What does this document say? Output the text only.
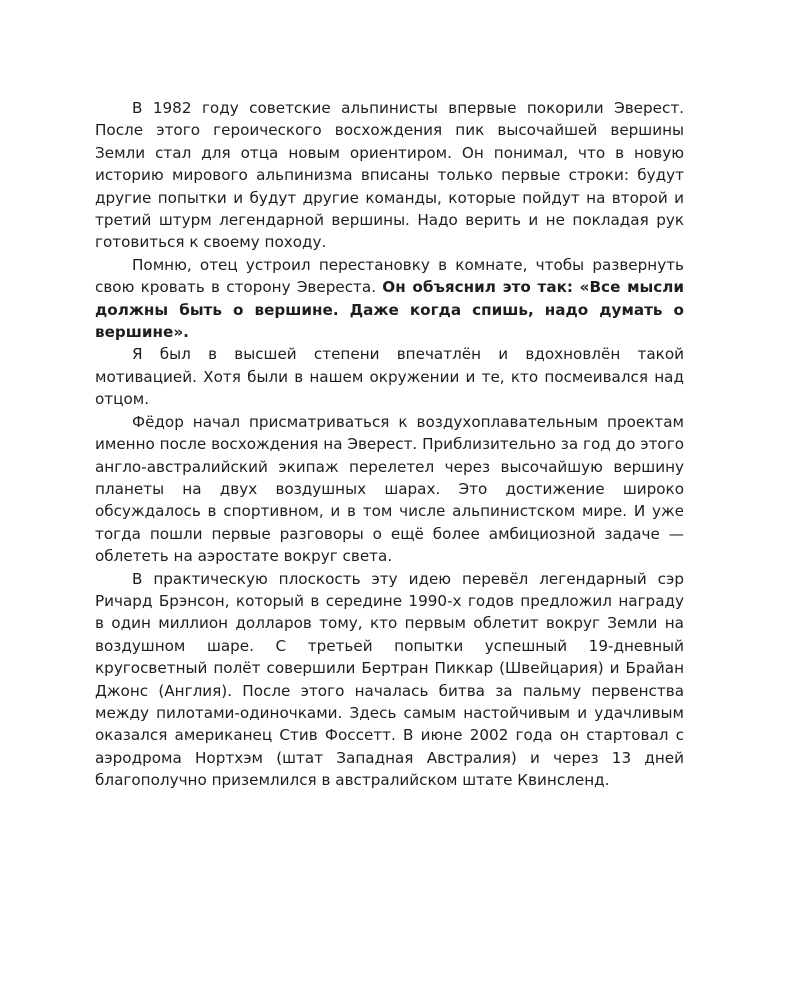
В 1982 году советские альпинисты впервые покорили Эверест. После этого героического восхождения пик высочайшей вершины Земли стал для отца новым ориентиром. Он понимал, что в новую историю мирового альпинизма вписаны только первые строки: будут другие попытки и будут другие команды, которые пойдут на второй и третий штурм легендарной вершины. Надо верить и не покладая рук готовиться к своему походу.

Помню, отец устроил перестановку в комнате, чтобы развернуть свою кровать в сторону Эвереста. Он объяснил это так: «Все мысли должны быть о вершине. Даже когда спишь, надо думать о вершине».

Я был в высшей степени впечатлён и вдохновлён такой мотивацией. Хотя были в нашем окружении и те, кто посмеивался над отцом.

Фёдор начал присматриваться к воздухоплавательным проектам именно после восхождения на Эверест. Приблизительно за год до этого англо-австралийский экипаж перелетел через высочайшую вершину планеты на двух воздушных шарах. Это достижение широко обсуждалось в спортивном, и в том числе альпинистском мире. И уже тогда пошли первые разговоры о ещё более амбициозной задаче — облететь на аэростате вокруг света.

В практическую плоскость эту идею перевёл легендарный сэр Ричард Брэнсон, который в середине 1990-х годов предложил награду в один миллион долларов тому, кто первым облетит вокруг Земли на воздушном шаре. С третьей попытки успешный 19-дневный кругосветный полёт совершили Бертран Пиккар (Швейцария) и Брайан Джонс (Англия). После этого началась битва за пальму первенства между пилотами-одиночками. Здесь самым настойчивым и удачливым оказался американец Стив Фоссетт. В июне 2002 года он стартовал с аэродрома Нортхэм (штат Западная Австралия) и через 13 дней благополучно приземлился в австралийском штате Квинсленд.
